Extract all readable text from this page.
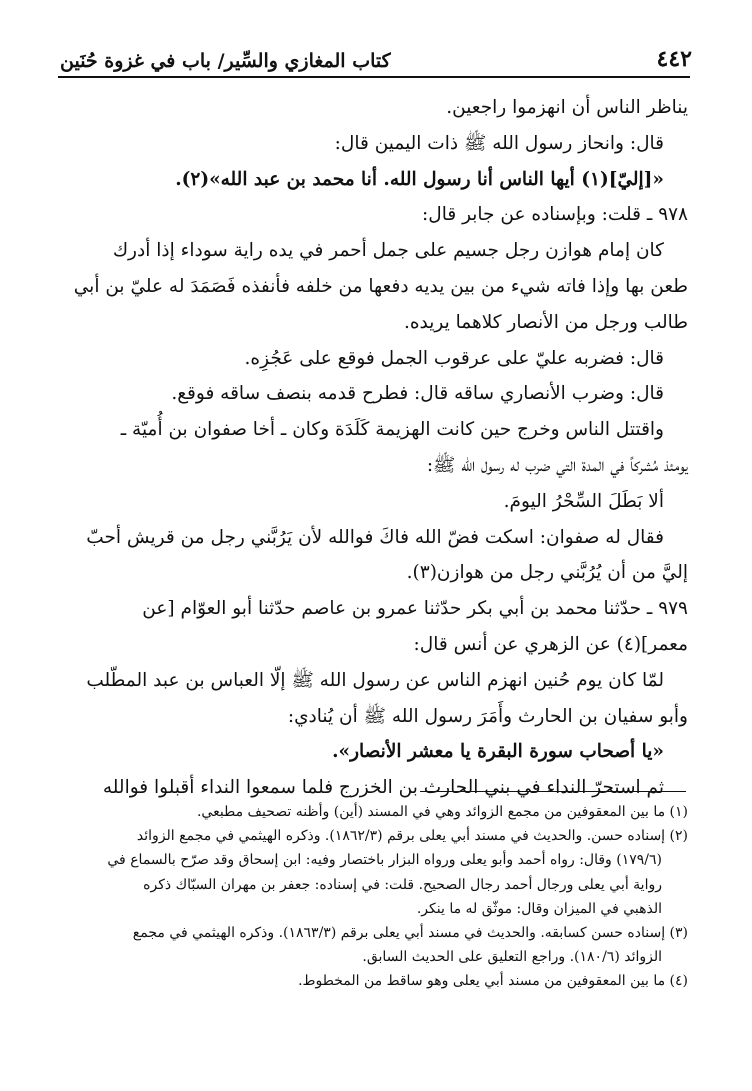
٤٤٢
كتاب المغازي والسِّير/ باب في غزوة حُنَين

يناظر الناس أن انهزموا راجعين.

قال: وانحاز رسول الله ﷺ ذات اليمين قال:

«[إليّ](١) أيها الناس أنا رسول الله. أنا محمد بن عبد الله»(٢).

٩٧٨ ـ قلت: وبإسناده عن جابر قال:

كان إمام هوازن رجل جسيم على جمل أحمر في يده راية سوداء إذا أدرك

طعن بها وإذا فاته شيء من بين يديه دفعها من خلفه فأنفذه فَصَمَدَ له عليّ بن أبي

طالب ورجل من الأنصار كلاهما يريده.

قال: فضربه عليّ على عرقوب الجمل فوقع على عَجُزِه.

قال: وضرب الأنصاري ساقه قال: فطرح قدمه بنصف ساقه فوقع.

واقتتل الناس وخرج حين كانت الهزيمة كَلَدَة وكان ـ أخا صفوان بن أُميّة ـ

يومئذ مُشركاً في المدة التي ضرب له رسول الله ﷺ:

ألا بَطَلَ السِّحْرُ اليومَ.

فقال له صفوان: اسكت فضّ الله فاكَ فوالله لأن يَرُبَّني رجل من قريش أحبّ

إليَّ من أن يُرُبَّني رجل من هوازن(٣).

٩٧٩ ـ حدّثنا محمد بن أبي بكر حدّثنا عمرو بن عاصم حدّثنا أبو العوّام [عن

معمر](٤) عن الزهري عن أنس قال:

لمّا كان يوم حُنين انهزم الناس عن رسول الله ﷺ إلّا العباس بن عبد المطّلب

وأبو سفيان بن الحارث وأَمَرَ رسول الله ﷺ أن يُنادي:

«يا أصحاب سورة البقرة يا معشر الأنصار».

ثم استحرّ النداء في بني الحارث بن الخزرج فلما سمعوا النداء أقبلوا فوالله

(١) ما بين المعقوفين من مجمع الزوائد وهي في المسند (أين) وأظنه تصحيف مطبعي.

(٢) إسناده حسن. والحديث في مسند أبي يعلى برقم (١٨٦٢/٣). وذكره الهيثمي في مجمع الزوائد

(١٧٩/٦) وقال: رواه أحمد وأبو يعلى ورواه البزار باختصار وفيه: ابن إسحاق وقد صرّح بالسماع في

رواية أبي يعلى ورجال أحمد رجال الصحيح. قلت: في إسناده: جعفر بن مهران السبّاك ذكره

الذهبي في الميزان وقال: موثّق له ما ينكر.

(٣) إسناده حسن كسابقه. والحديث في مسند أبي يعلى برقم (١٨٦٣/٣). وذكره الهيثمي في مجمع

الزوائد (١٨٠/٦). وراجع التعليق على الحديث السابق.

(٤) ما بين المعقوفين من مسند أبي يعلى وهو ساقط من المخطوط.
